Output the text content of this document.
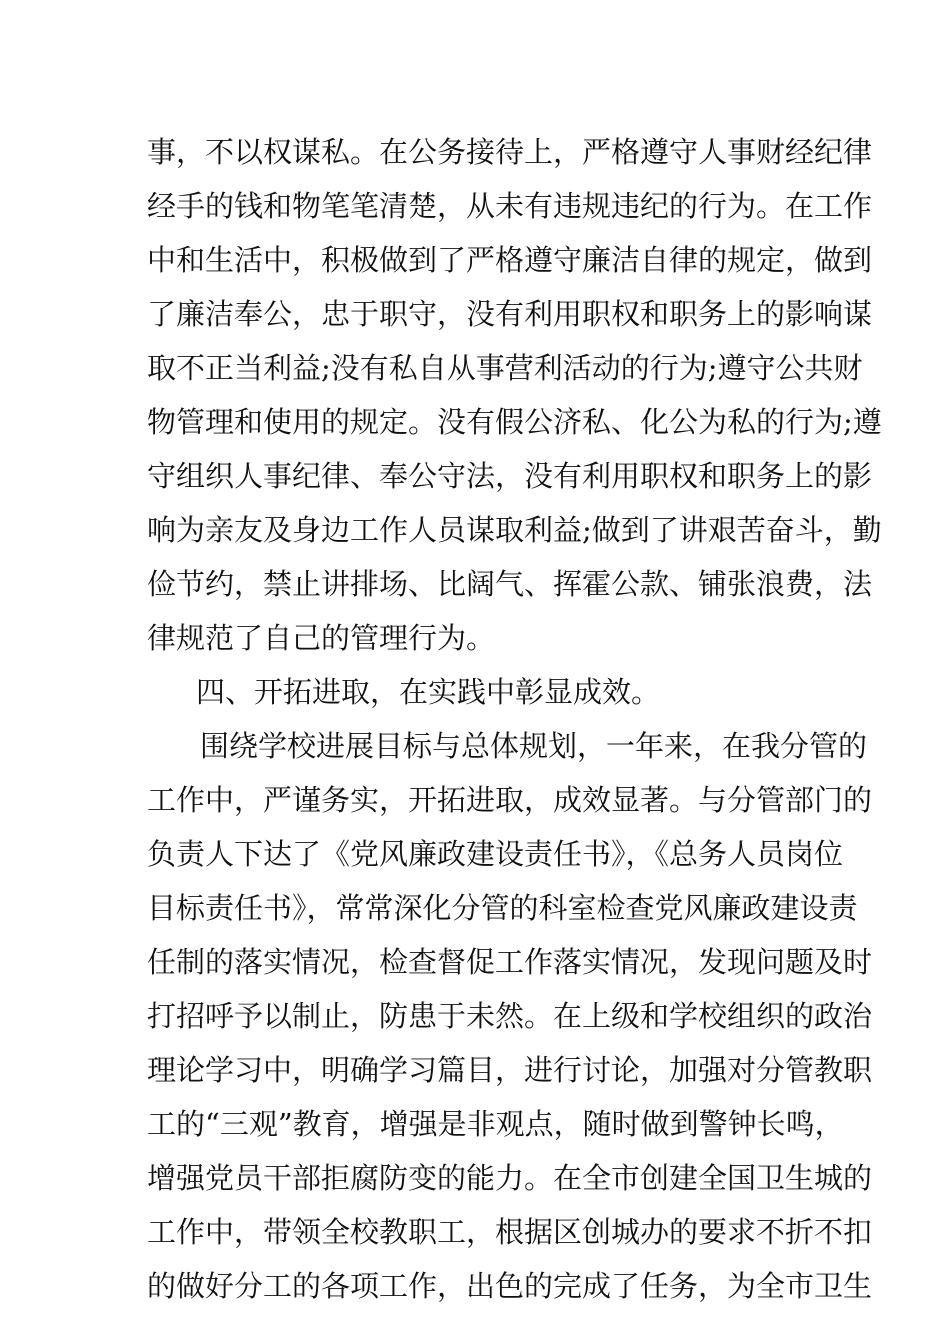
事，不以权谋私。在公务接待上，严格遵守人事财经纪律
经手的钱和物笔笔清楚，从未有违规违纪的行为。在工作
中和生活中，积极做到了严格遵守廉洁自律的规定，做到
了廉洁奉公，忠于职守，没有利用职权和职务上的影响谋
取不正当利益;没有私自从事营利活动的行为;遵守公共财
物管理和使用的规定。没有假公济私、化公为私的行为;遵
守组织人事纪律、奉公守法，没有利用职权和职务上的影
响为亲友及身边工作人员谋取利益;做到了讲艰苦奋斗，勤
俭节约，禁止讲排场、比阔气、挥霍公款、铺张浪费，法
律规范了自己的管理行为。
四、开拓进取，在实践中彰显成效。
围绕学校进展目标与总体规划，一年来，在我分管的
工作中，严谨务实，开拓进取，成效显著。与分管部门的
负责人下达了《党风廉政建设责任书》，《总务人员岗位
目标责任书》，常常深化分管的科室检查党风廉政建设责
任制的落实情况，检查督促工作落实情况，发现问题及时
打招呼予以制止，防患于未然。在上级和学校组织的政治
理论学习中，明确学习篇目，进行讨论，加强对分管教职
工的“三观”教育，增强是非观点，随时做到警钟长鸣，
增强党员干部拒腐防变的能力。在全市创建全国卫生城的
工作中，带领全校教职工，根据区创城办的要求不折不扣
的做好分工的各项工作，出色的完成了任务，为全市卫生
